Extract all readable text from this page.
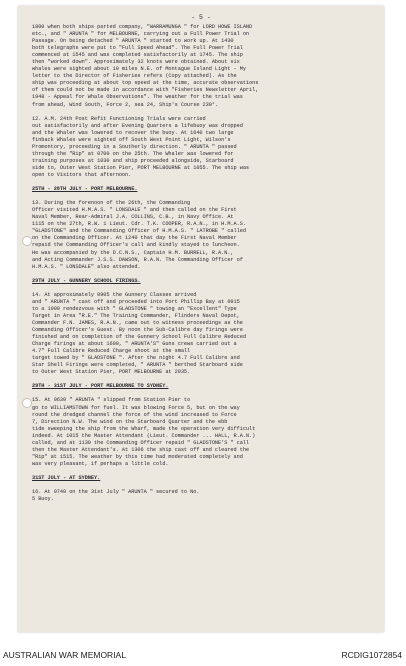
- 5 -

1800 when both ships parted company, "WARRAMUNGA " for LORD HOWE ISLAND

etc., and " ARUNTA " for MELBOURNE, carrying out a Full Power Trial on

Passage. On being detached " ARUNTA " started to work up. At 1430

both telegraphs were put to "Full Speed Ahead". The Full Power Trial

commenced at 1545 and was completed satisfactorily at 1745. The ship

then "worked down". Approximately 32 knots were obtained. About six

whales were sighted about 10 miles N.E. of Montague Island Light - My

letter to the Director of Fisheries refers (Copy attached). As the

ship was proceeding at about top speed at the time, accurate observations

of them could not be made in accordance with "Fisheries Newsletter April,

1948 - Appeal for Whale Observations". The weather for the trial was

from ahead, Wind South, Force 2, sea 24, Ship's Course 230°.

12. A.M. 24th Post Refit Functioning Trials were carried

out satisfactorily and after Evening Quarters a lifebuoy was dropped

and the Whaler was lowered to recover the buoy. At 1640 two large

finback Whales were sighted off South West Point Light, Wilson's

Promontory, proceeding in a Southerly direction. " ARUNTA " passed

through the "Rip" at 0700 on the 25th. The Whaler was lowered for

training purposes at 1030 and ship proceeded alongside, Starboard

side to, Outer West Station Pier, PORT MELBOURNE at 1055. The ship was

open to Visitors that afternoon.

25TH - 28TH JULY - PORT MELBOURNE.

13. During the forenoon of the 26th, the Commanding

Officer visited H.M.A.S. " LONSDALE " and then called on the First

Naval Member, Rear-Admiral J.A. COLLINS, C.B., in Navy Office. At

1115 on the 27th, R.W. 1 Lieut. Cdr. T.K. COOPER, R.A.N., in H.M.A.S.

"GLADSTONE" and the Commanding Officer of H.M.A.S. " LATROBE " called

on the Commanding Officer. At 1240 that day the First Naval Member

repaid the Commanding Officer's call and kindly stayed to luncheon.

He was accompanied by the D.C.N.S., Captain H.M. BURRELL, R.A.N.,

and Acting Commander J.S.S. DAWSON, R.A.N. The Commanding Officer of

H.M.A.S. " LONSDALE" also attended.

29TH JULY - GUNNERY SCHOOL FIRINGS.

14. At approximately 0905 the Gunnery Classes arrived

and " ARUNTA " cast off and proceeded into Port Phillip Bay at 0915

to a 1000 rendezvous with " GLADSTONE " towing an "Excellent" Type

Target in Area "R.E." The Training Commander, Flinders Naval Depot,

Commander F.N. JAMES, R.A.N., came out to witness proceedings as the

Commanding Officer's Guest. By noon the Sub-Calibre day firings were

finished and on completion of the Gunnery School Full Calibre Reduced

Charge firings at about 1600, " ARUNTA'S" Guns crews carried out a

4.7" Full Calibre Reduced Charge shoot at the small

target towed by " GLADSTONE ". After the night 4.7 Full Calibre and

Star Shell Firings were completed, " ARUNTA " berthed Starboard side

to Outer West Station Pier, PORT MELBOURNE at 2035.

29TH - 31ST JULY - PORT MELBOURNE TO SYDNEY.

15. At 0630 " ARUNTA " slipped from Station Pier to

go to WILLIAMSTOWN for fuel. It was blowing Force 5, but on the way

round the dredged channel the force of the wind increased to Force

7, Direction N.W. The wind on the Starboard Quarter and the ebb

tide sweeping the ship from the Wharf, made the operation very difficult

indeed. At 1015 the Master Attendant (Lieut. Commander ... HALL, R.A.N.)

called, and at 1130 the Commanding Officer repaid " GLADSTONE'S " call

then the Master Attendant's. At 1306 the ship cast off and cleared the

"Rip" at 1515. The weather by this time had moderated completely and

was very pleasant, if perhaps a little cold.

31ST JULY - AT SYDNEY.

16. At 0740 on the 31st July " ARUNTA " secured to No.

5 Buoy.

AUSTRALIAN WAR MEMORIAL	RCDIG1072854
